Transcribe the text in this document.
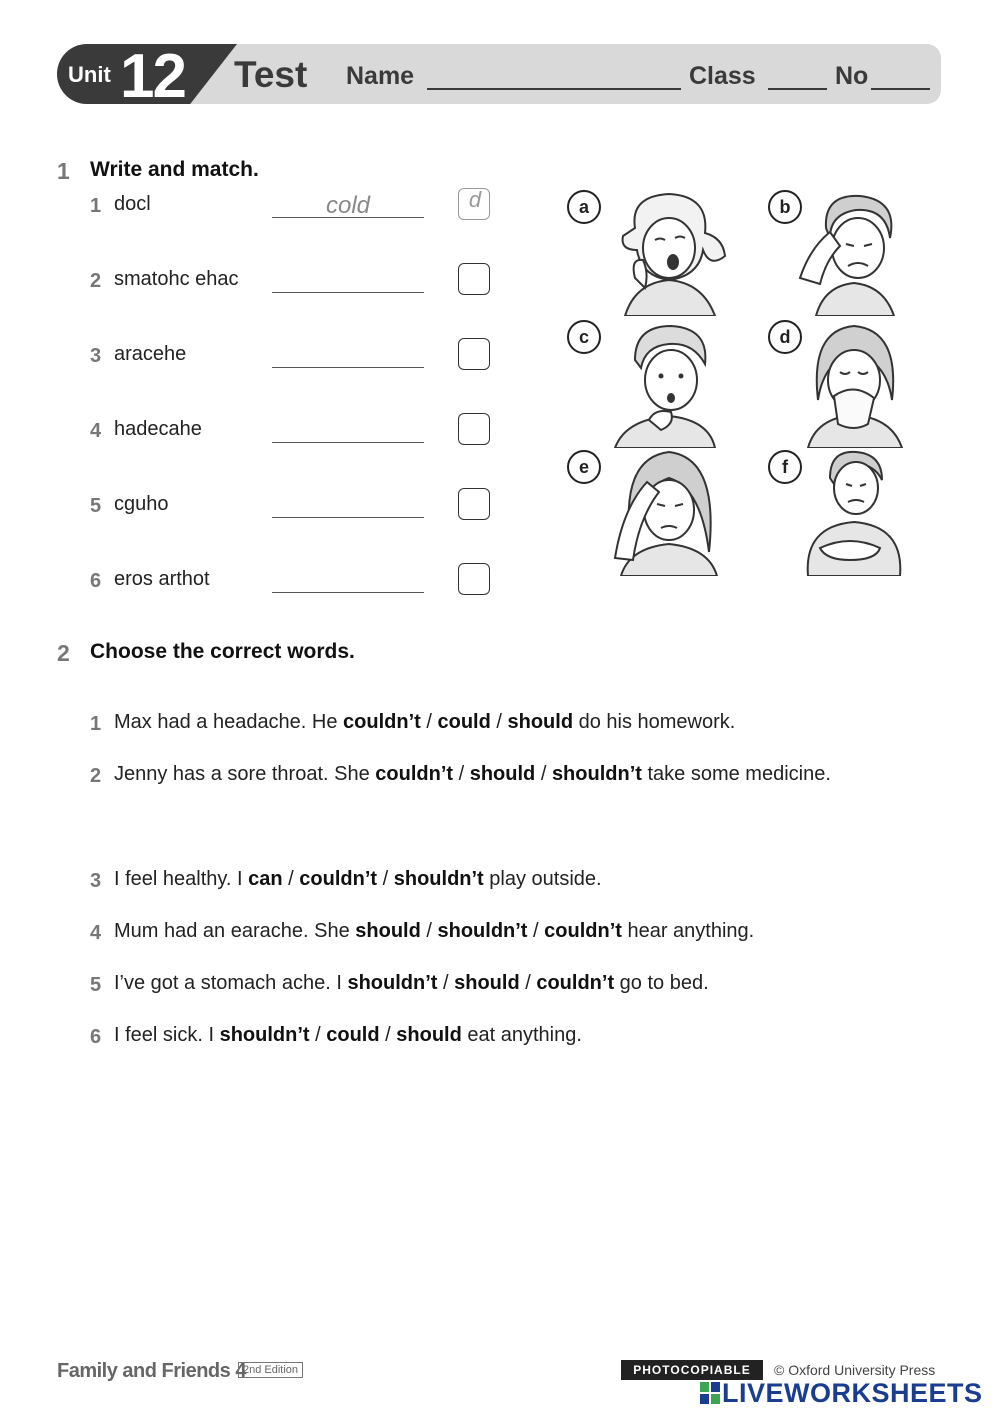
Unit 12 Test Name	Class	No
1 Write and match.
1 docl	cold	d
2 smatohc ehac
3 aracehe
4 hadecahe
5 cguho
6 eros arthot
a	b
c	d
e	f
2 Choose the correct words.
1 Max had a headache. He couldn’t / could / should do his homework.
2 Jenny has a sore throat. She couldn’t / should / shouldn’t take some medicine.
3 I feel healthy. I can / couldn’t / shouldn’t play outside.
4 Mum had an earache. She should / shouldn’t / couldn’t hear anything.
5 I’ve got a stomach ache. I shouldn’t / should / couldn’t go to bed.
6 I feel sick. I shouldn’t / could / should eat anything.
Family and Friends 4
2nd Edition	PHOTOCOPIABLE	© Oxford University Press
LIVEWORKSHEETS
